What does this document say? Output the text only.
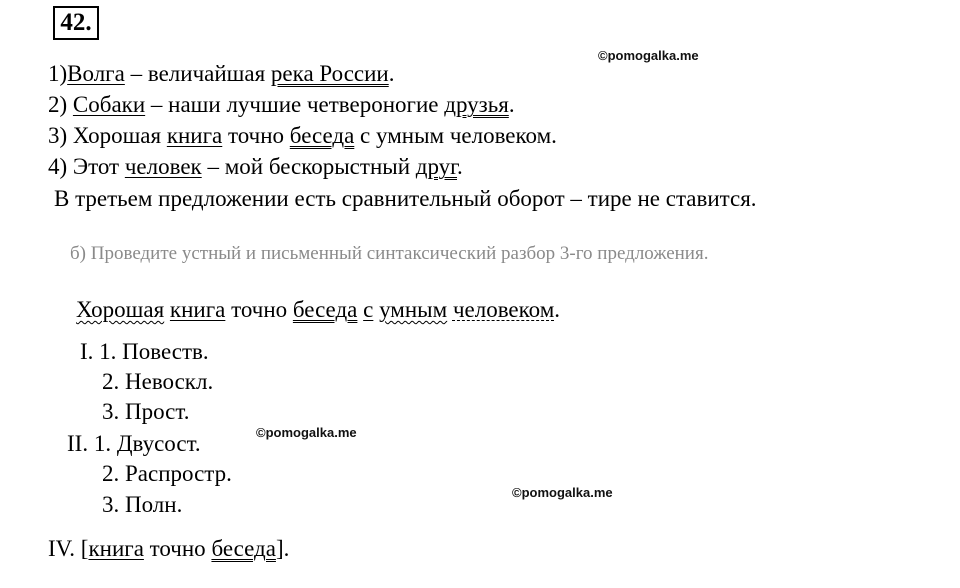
42.
©pomogalka.me
©pomogalka.me
©pomogalka.me
1)Волга – величайшая река России.
2) Собаки – наши лучшие четвероногие друзья.
3) Хорошая книга точно беседа с умным человеком.
4) Этот человек – мой бескорыстный друг.
В третьем предложении есть сравнительный оборот – тире не ставится.
б) Проведите устный и письменный синтаксический разбор 3-го предложения.
Хорошая книга точно беседа с умным человеком.
I. 1. Повеств.
2. Невоскл.
3. Прост.
II. 1. Двусост.
2. Распростр.
3. Полн.
IV. [книга точно беседа].
